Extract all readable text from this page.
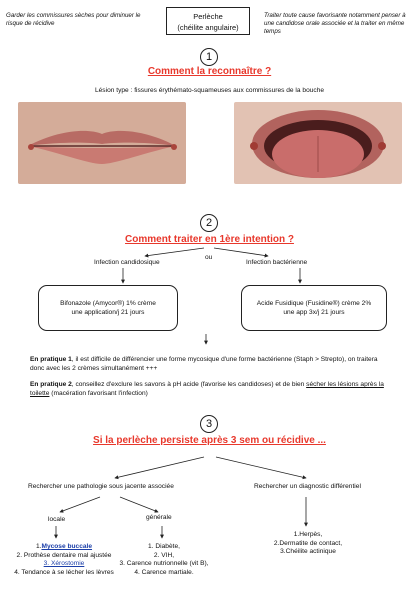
Garder les commissures sèches pour diminuer le risque de récidive
Perlèche
(chéilite angulaire)
Traiter toute cause favorisante notamment penser à une candidose orale associée et la traiter en même temps
1
Comment la reconnaître ?
Lésion type : fissures érythémato-squameuses aux commissures de la bouche
2
Comment traiter en 1ère intention ?
ou
Infection candidosique	Infection bactérienne
Bifonazole (Amycor®) 1% crème
une application/j 21 jours
Acide Fusidique (Fusidine®) crème 2%
une app 3x/j 21 jours
En pratique 1, il est difficile de différencier une forme mycosique d'une forme bactérienne (Staph > Strepto), on traitera donc avec les 2 crèmes simultanément +++
En pratique 2, conseillez d'exclure les savons à pH acide (favorise les candidoses) et de bien sécher les lésions après la toilette (macération favorisant l'infection)
3
Si la perlèche persiste après 3 sem ou récidive ...
Rechercher une pathologie sous jacente associée	Rechercher un diagnostic différentiel
locale	générale
1.Mycose buccale
2. Prothèse dentaire mal ajustée
3. Xérostomie
4. Tendance à se lécher les lèvres
1. Diabète,
2. VIH,
3. Carence nutrionnelle (vit B),
4. Carence martiale.
1.Herpès,
2.Dermatite de contact,
3.Chéilite actinique
